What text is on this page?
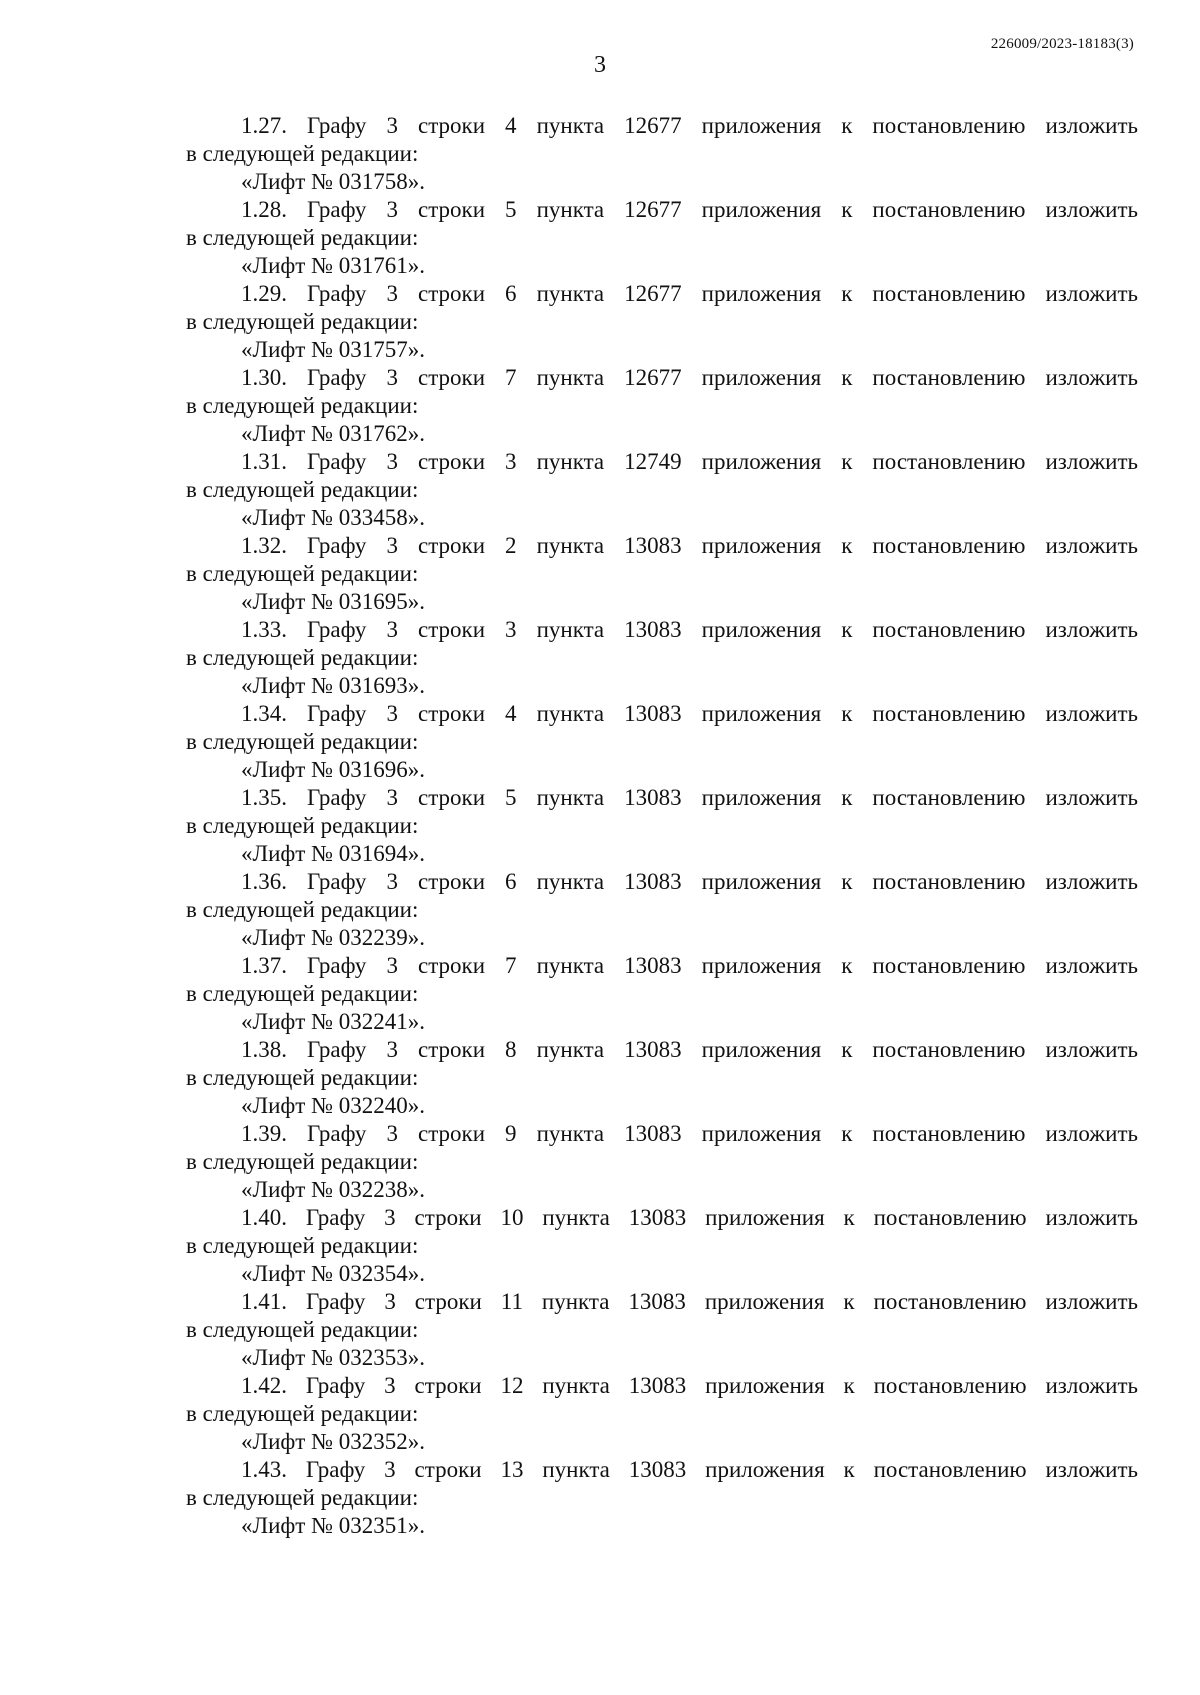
226009/2023-18183(3)
3

1.27. Графу 3 строки 4 пункта 12677 приложения к постановлению изложить
в следующей редакции:
«Лифт № 031758».

1.28. Графу 3 строки 5 пункта 12677 приложения к постановлению изложить
в следующей редакции:
«Лифт № 031761».

1.29. Графу 3 строки 6 пункта 12677 приложения к постановлению изложить
в следующей редакции:
«Лифт № 031757».

1.30. Графу 3 строки 7 пункта 12677 приложения к постановлению изложить
в следующей редакции:
«Лифт № 031762».

1.31. Графу 3 строки 3 пункта 12749 приложения к постановлению изложить
в следующей редакции:
«Лифт № 033458».

1.32. Графу 3 строки 2 пункта 13083 приложения к постановлению изложить
в следующей редакции:
«Лифт № 031695».

1.33. Графу 3 строки 3 пункта 13083 приложения к постановлению изложить
в следующей редакции:
«Лифт № 031693».

1.34. Графу 3 строки 4 пункта 13083 приложения к постановлению изложить
в следующей редакции:
«Лифт № 031696».

1.35. Графу 3 строки 5 пункта 13083 приложения к постановлению изложить
в следующей редакции:
«Лифт № 031694».

1.36. Графу 3 строки 6 пункта 13083 приложения к постановлению изложить
в следующей редакции:
«Лифт № 032239».

1.37. Графу 3 строки 7 пункта 13083 приложения к постановлению изложить
в следующей редакции:
«Лифт № 032241».

1.38. Графу 3 строки 8 пункта 13083 приложения к постановлению изложить
в следующей редакции:
«Лифт № 032240».

1.39. Графу 3 строки 9 пункта 13083 приложения к постановлению изложить
в следующей редакции:
«Лифт № 032238».

1.40. Графу 3 строки 10 пункта 13083 приложения к постановлению изложить
в следующей редакции:
«Лифт № 032354».

1.41. Графу 3 строки 11 пункта 13083 приложения к постановлению изложить
в следующей редакции:
«Лифт № 032353».

1.42. Графу 3 строки 12 пункта 13083 приложения к постановлению изложить
в следующей редакции:
«Лифт № 032352».

1.43. Графу 3 строки 13 пункта 13083 приложения к постановлению изложить
в следующей редакции:
«Лифт № 032351».
